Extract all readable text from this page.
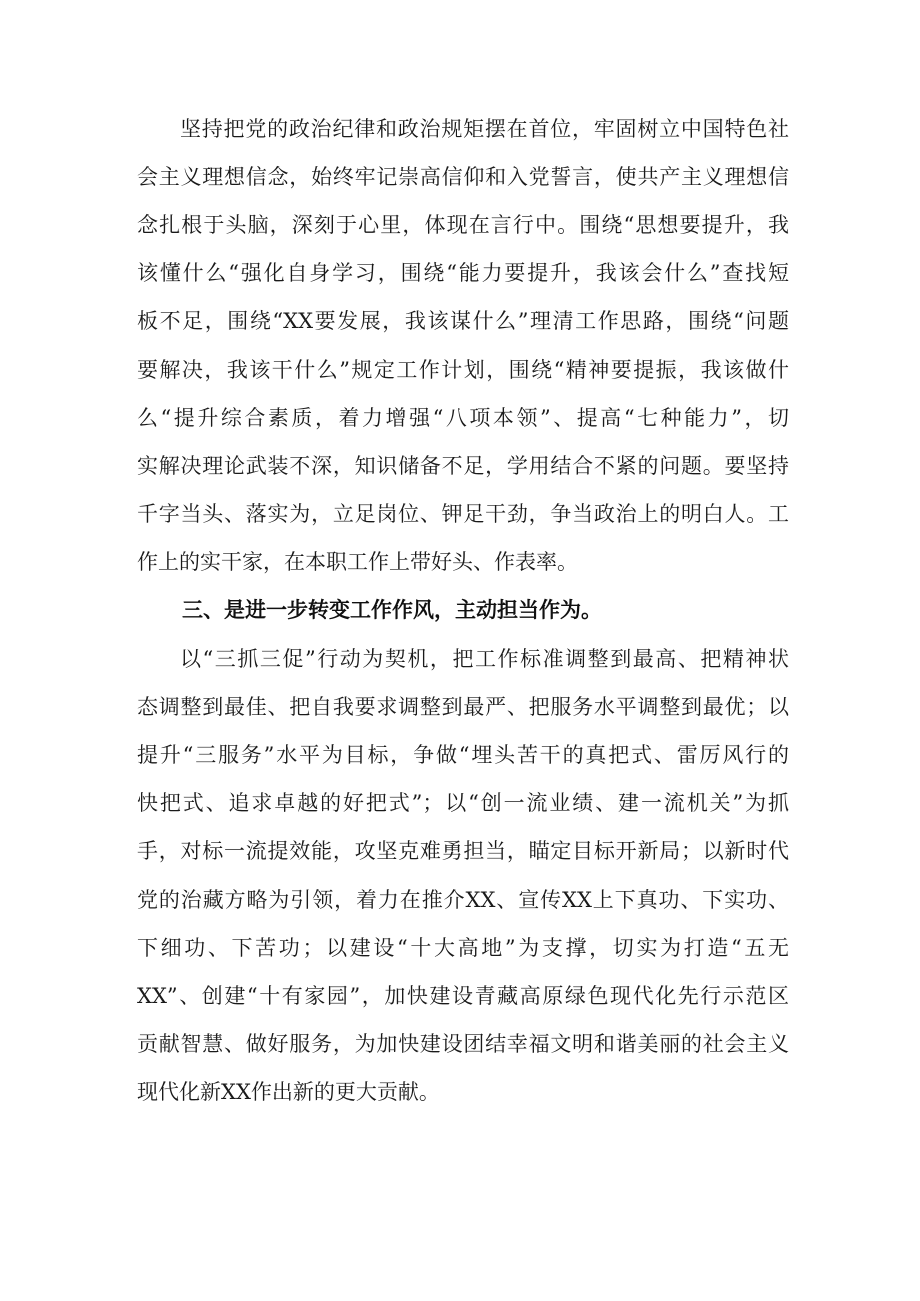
坚持把党的政治纪律和政治规矩摆在首位，牢固树立中国特色社
会主义理想信念，始终牢记崇高信仰和入党誓言，使共产主义理想信
念扎根于头脑，深刻于心里，体现在言行中。围绕“思想要提升，我
该懂什么“强化自身学习，围绕“能力要提升，我该会什么”查找短
板不足，围绕“XX要发展，我该谋什么”理清工作思路，围绕“问题
要解决，我该干什么”规定工作计划，围绕“精神要提振，我该做什
么“提升综合素质，着力增强“八项本领”、提高“七种能力”，切
实解决理论武装不深，知识储备不足，学用结合不紧的问题。要坚持
千字当头、落实为，立足岗位、钾足干劲，争当政治上的明白人。工
作上的实干家，在本职工作上带好头、作表率。
三、是进一步转变工作作风，主动担当作为。
以“三抓三促”行动为契机，把工作标准调整到最高、把精神状
态调整到最佳、把自我要求调整到最严、把服务水平调整到最优；以
提升“三服务”水平为目标，争做“埋头苦干的真把式、雷厉风行的
快把式、追求卓越的好把式”；以“创一流业绩、建一流机关”为抓
手，对标一流提效能，攻坚克难勇担当，瞄定目标开新局；以新时代
党的治藏方略为引领，着力在推介XX、宣传XX上下真功、下实功、
下细功、下苦功；以建设“十大高地”为支撑，切实为打造“五无
XX”、创建“十有家园”，加快建设青藏高原绿色现代化先行示范区
贡献智慧、做好服务，为加快建设团结幸福文明和谐美丽的社会主义
现代化新XX作出新的更大贡献。
